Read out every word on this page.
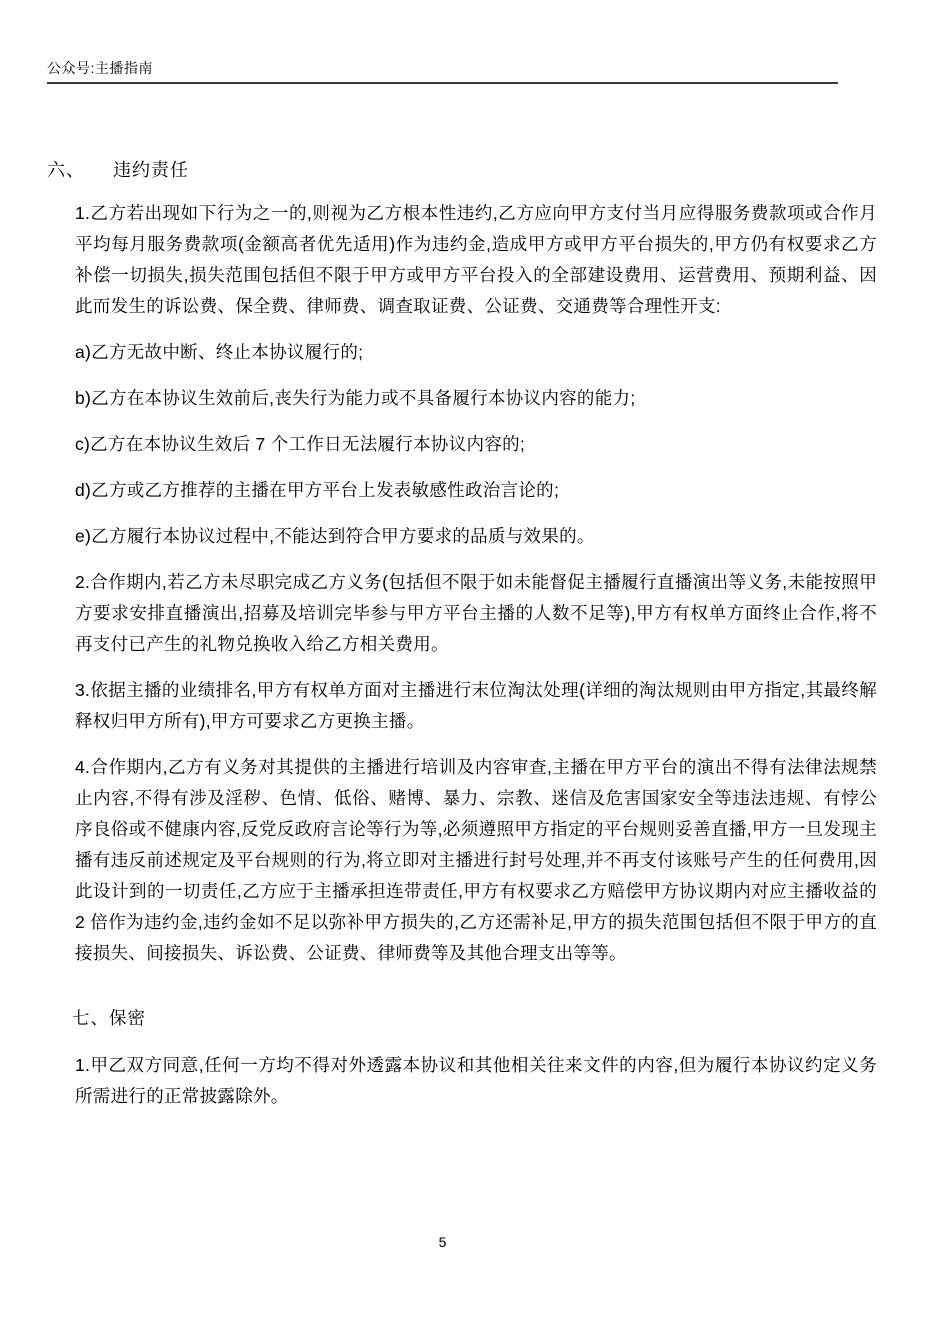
公众号:主播指南
六、 违约责任

1.乙方若出现如下行为之一的,则视为乙方根本性违约,乙方应向甲方支付当月应得服务费款项或合作月平均每月服务费款项(金额高者优先适用)作为违约金,造成甲方或甲方平台损失的,甲方仍有权要求乙方补偿一切损失,损失范围包括但不限于甲方或甲方平台投入的全部建设费用、运营费用、预期利益、因此而发生的诉讼费、保全费、律师费、调查取证费、公证费、交通费等合理性开支:

a)乙方无故中断、终止本协议履行的;

b)乙方在本协议生效前后,丧失行为能力或不具备履行本协议内容的能力;

c)乙方在本协议生效后 7 个工作日无法履行本协议内容的;

d)乙方或乙方推荐的主播在甲方平台上发表敏感性政治言论的;

e)乙方履行本协议过程中,不能达到符合甲方要求的品质与效果的。

2.合作期内,若乙方未尽职完成乙方义务(包括但不限于如未能督促主播履行直播演出等义务,未能按照甲方要求安排直播演出,招募及培训完毕参与甲方平台主播的人数不足等),甲方有权单方面终止合作,将不再支付已产生的礼物兑换收入给乙方相关费用。

3.依据主播的业绩排名,甲方有权单方面对主播进行末位淘汰处理(详细的淘汰规则由甲方指定,其最终解释权归甲方所有),甲方可要求乙方更换主播。

4.合作期内,乙方有义务对其提供的主播进行培训及内容审查,主播在甲方平台的演出不得有法律法规禁止内容,不得有涉及淫秽、色情、低俗、赌博、暴力、宗教、迷信及危害国家安全等违法违规、有悖公序良俗或不健康内容,反党反政府言论等行为等,必须遵照甲方指定的平台规则妥善直播,甲方一旦发现主播有违反前述规定及平台规则的行为,将立即对主播进行封号处理,并不再支付该账号产生的任何费用,因此设计到的一切责任,乙方应于主播承担连带责任,甲方有权要求乙方赔偿甲方协议期内对应主播收益的 2 倍作为违约金,违约金如不足以弥补甲方损失的,乙方还需补足,甲方的损失范围包括但不限于甲方的直接损失、间接损失、诉讼费、公证费、律师费等及其他合理支出等等。

七、保密

1.甲乙双方同意,任何一方均不得对外透露本协议和其他相关往来文件的内容,但为履行本协议约定义务所需进行的正常披露除外。

5
